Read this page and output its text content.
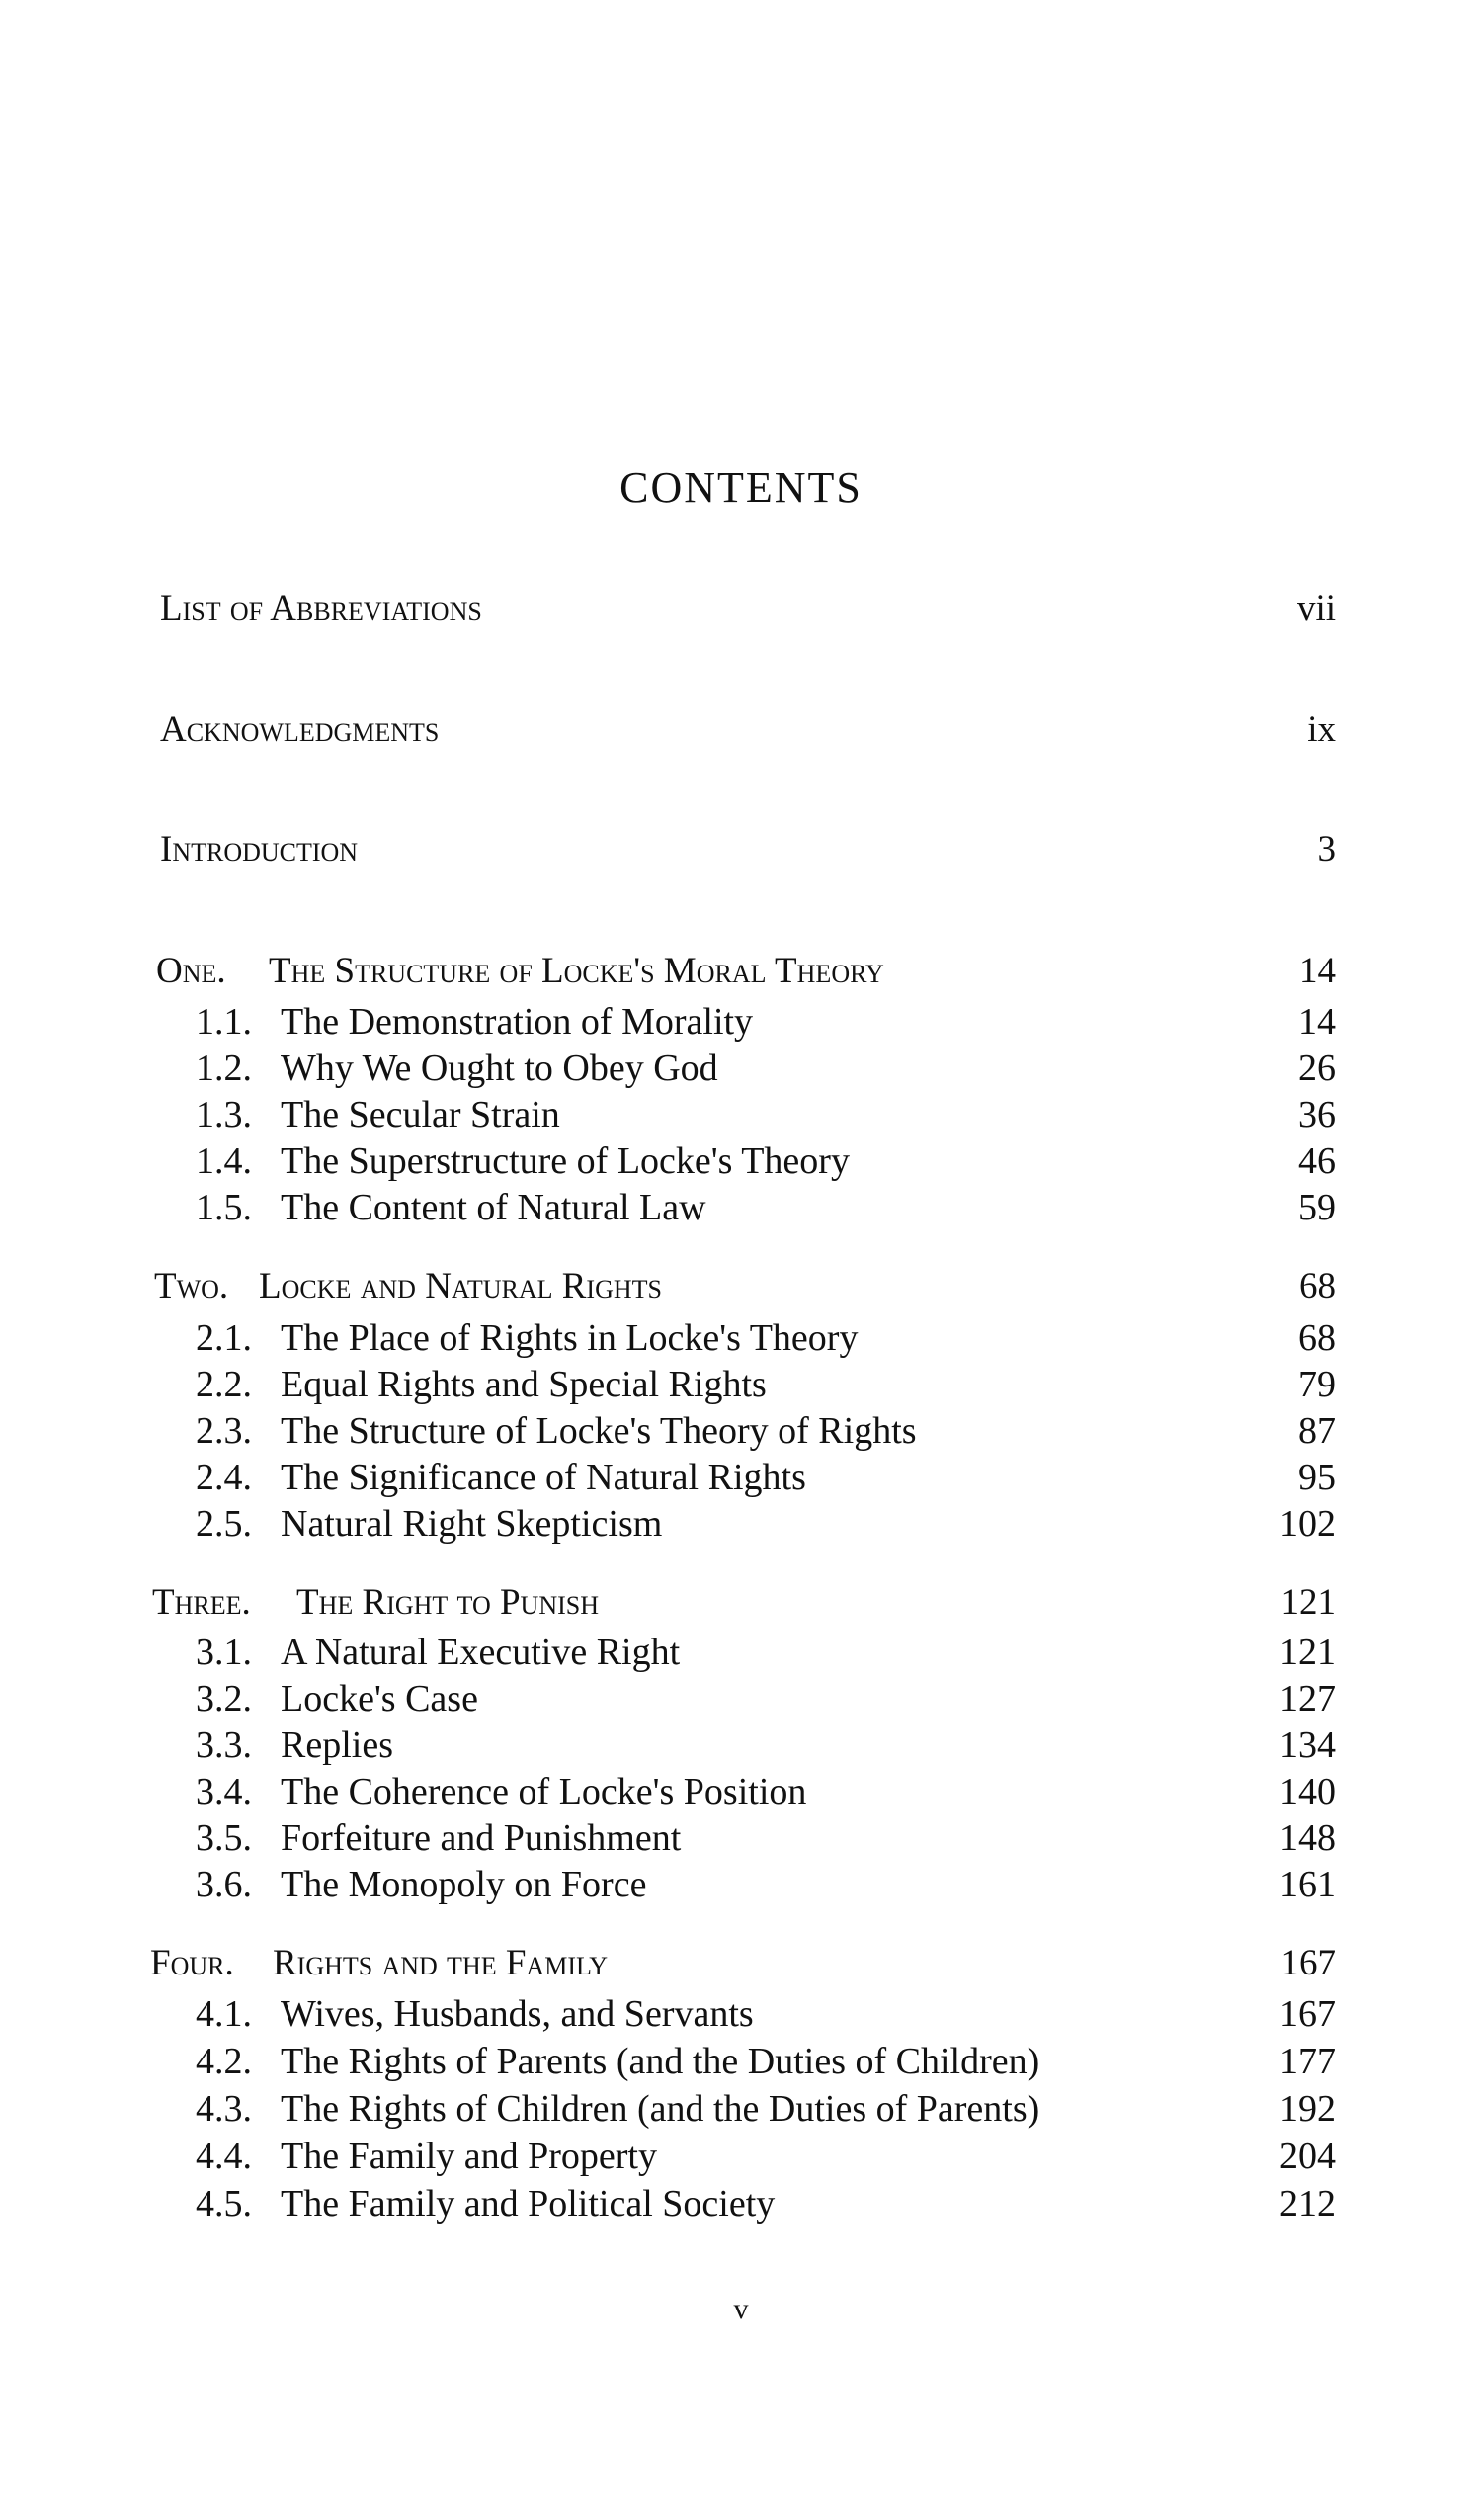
CONTENTS
List of Abbreviations	vii
Acknowledgments	ix
Introduction	3
One. The Structure of Locke's Moral Theory	14
1.1. The Demonstration of Morality	14
1.2. Why We Ought to Obey God	26
1.3. The Secular Strain	36
1.4. The Superstructure of Locke's Theory	46
1.5. The Content of Natural Law	59
Two. Locke and Natural Rights	68
2.1. The Place of Rights in Locke's Theory	68
2.2. Equal Rights and Special Rights	79
2.3. The Structure of Locke's Theory of Rights	87
2.4. The Significance of Natural Rights	95
2.5. Natural Right Skepticism	102
Three. The Right to Punish	121
3.1. A Natural Executive Right	121
3.2. Locke's Case	127
3.3. Replies	134
3.4. The Coherence of Locke's Position	140
3.5. Forfeiture and Punishment	148
3.6. The Monopoly on Force	161
Four. Rights and the Family	167
4.1. Wives, Husbands, and Servants	167
4.2. The Rights of Parents (and the Duties of Children)	177
4.3. The Rights of Children (and the Duties of Parents)	192
4.4. The Family and Property	204
4.5. The Family and Political Society	212
v
